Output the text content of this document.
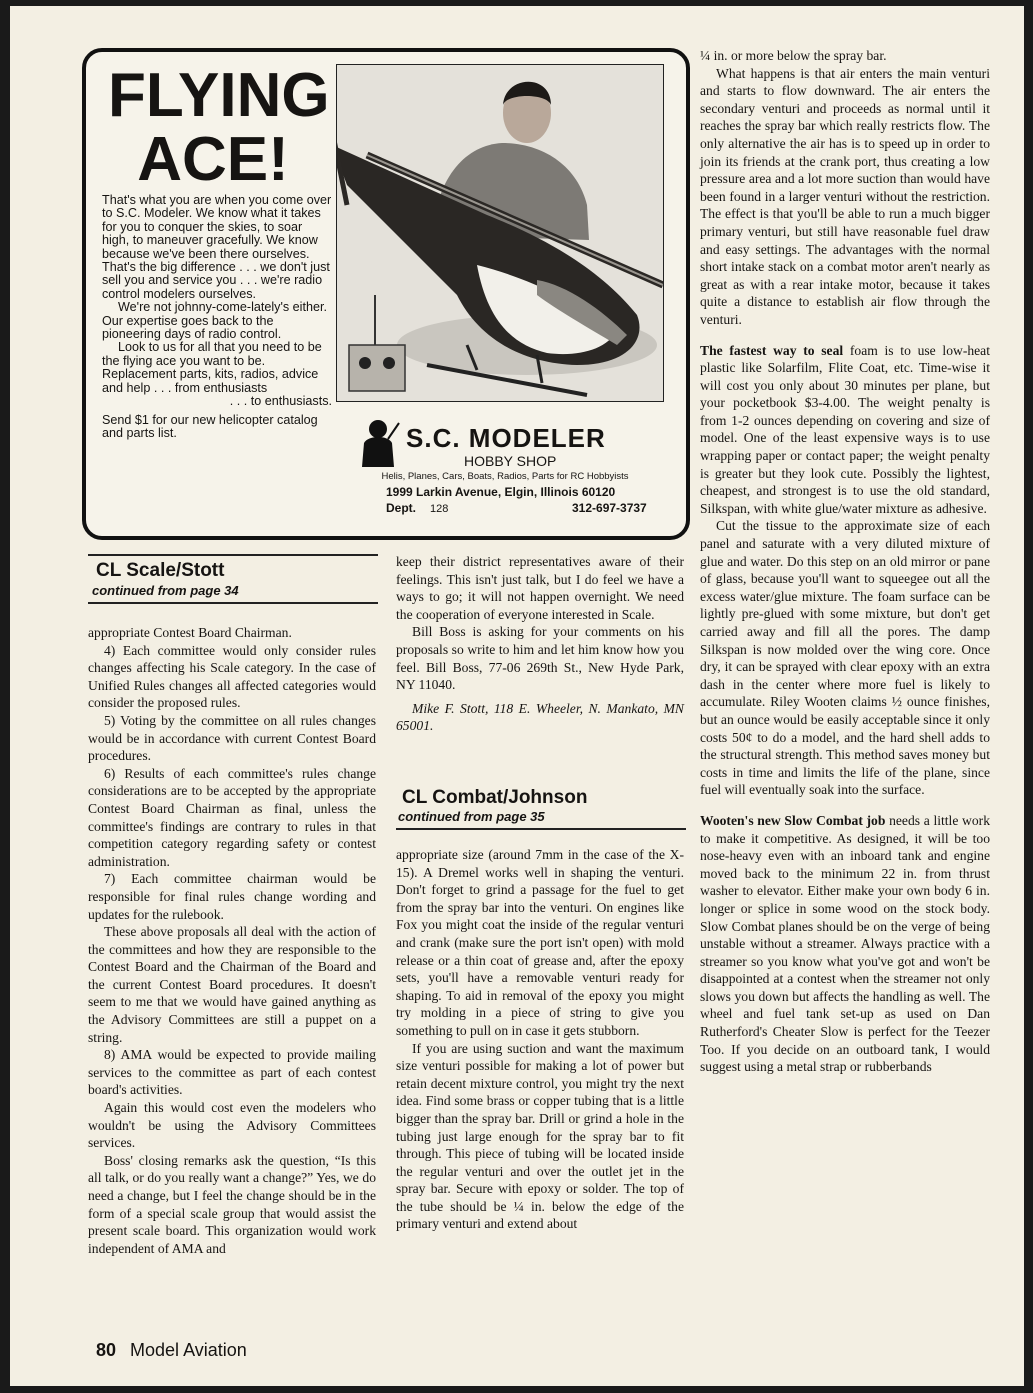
FLYING
ACE!

That's what you are when you come over to S.C. Modeler. We know what it takes for you to conquer the skies, to soar high, to maneuver gracefully. We know because we've been there ourselves. That's the big difference . . . we don't just sell you and service you . . . we're radio control modelers ourselves.

We're not johnny-come-lately's either. Our expertise goes back to the pioneering days of radio control.

Look to us for all that you need to be the flying ace you want to be. Replacement parts, kits, radios, advice and help . . . from enthusiasts

. . . to enthusiasts.

Send $1 for our new helicopter catalog and parts list.	S.C. MODELER

HOBBY SHOP

Helis, Planes, Cars, Boats, Radios, Parts for RC Hobbyists

1999 Larkin Avenue, Elgin, Illinois 60120

Dept. 128	312-697-3737

CL Scale/Stott

continued from page 34

appropriate Contest Board Chairman.

4) Each committee would only consider rules changes affecting his Scale category. In the case of Unified Rules changes all affected categories would consider the proposed rules.

5) Voting by the committee on all rules changes would be in accordance with current Contest Board procedures.

6) Results of each committee's rules change considerations are to be accepted by the appropriate Contest Board Chairman as final, unless the committee's findings are contrary to rules in that competition category regarding safety or contest administration.

7) Each committee chairman would be responsible for final rules change wording and updates for the rulebook.

These above proposals all deal with the action of the committees and how they are responsible to the Contest Board and the Chairman of the Board and the current Contest Board procedures. It doesn't seem to me that we would have gained anything as the Advisory Committees are still a puppet on a string.

8) AMA would be expected to provide mailing services to the committee as part of each contest board's activities.

Again this would cost even the modelers who wouldn't be using the Advisory Committees services.

Boss' closing remarks ask the question, “Is this all talk, or do you really want a change?” Yes, we do need a change, but I feel the change should be in the form of a special scale group that would assist the present scale board. This organization would work independent of AMA and

keep their district representatives aware of their feelings. This isn't just talk, but I do feel we have a ways to go; it will not happen overnight. We need the cooperation of everyone interested in Scale.

Bill Boss is asking for your comments on his proposals so write to him and let him know how you feel. Bill Boss, 77-06 269th St., New Hyde Park, NY 11040.

Mike F. Stott, 118 E. Wheeler, N. Mankato, MN 65001.

CL Combat/Johnson

continued from page 35

appropriate size (around 7mm in the case of the X-15). A Dremel works well in shaping the venturi. Don't forget to grind a passage for the fuel to get from the spray bar into the venturi. On engines like Fox you might coat the inside of the regular venturi and crank (make sure the port isn't open) with mold release or a thin coat of grease and, after the epoxy sets, you'll have a removable venturi ready for shaping. To aid in removal of the epoxy you might try molding in a piece of string to give you something to pull on in case it gets stubborn.

If you are using suction and want the maximum size venturi possible for making a lot of power but retain decent mixture control, you might try the next idea. Find some brass or copper tubing that is a little bigger than the spray bar. Drill or grind a hole in the tubing just large enough for the spray bar to fit through. This piece of tubing will be located inside the regular venturi and over the outlet jet in the spray bar. Secure with epoxy or solder. The top of the tube should be ¼ in. below the edge of the primary venturi and extend about

¼ in. or more below the spray bar.

What happens is that air enters the main venturi and starts to flow downward. The air enters the secondary venturi and proceeds as normal until it reaches the spray bar which really restricts flow. The only alternative the air has is to speed up in order to join its friends at the crank port, thus creating a low pressure area and a lot more suction than would have been found in a larger venturi without the restriction. The effect is that you'll be able to run a much bigger primary venturi, but still have reasonable fuel draw and easy settings. The advantages with the normal short intake stack on a combat motor aren't nearly as great as with a rear intake motor, because it takes quite a distance to establish air flow through the venturi.

The fastest way to seal foam is to use low-heat plastic like Solarfilm, Flite Coat, etc. Time-wise it will cost you only about 30 minutes per plane, but your pocketbook $3-4.00. The weight penalty is from 1-2 ounces depending on covering and size of model. One of the least expensive ways is to use wrapping paper or contact paper; the weight penalty is greater but they look cute. Possibly the lightest, cheapest, and strongest is to use the old standard, Silkspan, with white glue/water mixture as adhesive.

Cut the tissue to the approximate size of each panel and saturate with a very diluted mixture of glue and water. Do this step on an old mirror or pane of glass, because you'll want to squeegee out all the excess water/glue mixture. The foam surface can be lightly pre-glued with some mixture, but don't get carried away and fill all the pores. The damp Silkspan is now molded over the wing core. Once dry, it can be sprayed with clear epoxy with an extra dash in the center where more fuel is likely to accumulate. Riley Wooten claims ½ ounce finishes, but an ounce would be easily acceptable since it only costs 50¢ to do a model, and the hard shell adds to the structural strength. This method saves money but costs in time and limits the life of the plane, since fuel will eventually soak into the surface.

Wooten's new Slow Combat job needs a little work to make it competitive. As designed, it will be too nose-heavy even with an inboard tank and engine moved back to the minimum 22 in. from thrust washer to elevator. Either make your own body 6 in. longer or splice in some wood on the stock body. Slow Combat planes should be on the verge of being unstable without a streamer. Always practice with a streamer so you know what you've got and won't be disappointed at a contest when the streamer not only slows you down but affects the handling as well. The wheel and fuel tank set-up as used on Dan Rutherford's Cheater Slow is perfect for the Teezer Too. If you decide on an outboard tank, I would suggest using a metal strap or rubberbands

80 Model Aviation
